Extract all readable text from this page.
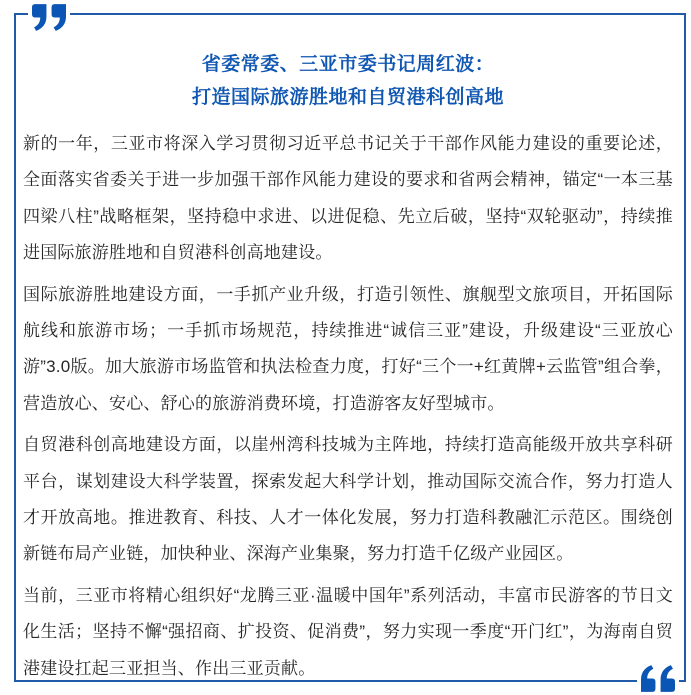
省委常委、三亚市委书记周红波：
打造国际旅游胜地和自贸港科创高地

新的一年，三亚市将深入学习贯彻习近平总书记关于干部作风能力建设的重要论述，全面落实省委关于进一步加强干部作风能力建设的要求和省两会精神，锚定“一本三基四梁八柱”战略框架，坚持稳中求进、以进促稳、先立后破，坚持“双轮驱动”，持续推进国际旅游胜地和自贸港科创高地建设。

国际旅游胜地建设方面，一手抓产业升级，打造引领性、旗舰型文旅项目，开拓国际航线和旅游市场；一手抓市场规范，持续推进“诚信三亚”建设，升级建设“三亚放心游”3.0版。加大旅游市场监管和执法检查力度，打好“三个一+红黄牌+云监管”组合拳，营造放心、安心、舒心的旅游消费环境，打造游客友好型城市。

自贸港科创高地建设方面，以崖州湾科技城为主阵地，持续打造高能级开放共享科研平台，谋划建设大科学装置，探索发起大科学计划，推动国际交流合作，努力打造人才开放高地。推进教育、科技、人才一体化发展，努力打造科教融汇示范区。围绕创新链布局产业链，加快种业、深海产业集聚，努力打造千亿级产业园区。

当前，三亚市将精心组织好“龙腾三亚·温暖中国年”系列活动，丰富市民游客的节日文化生活；坚持不懈“强招商、扩投资、促消费”，努力实现一季度“开门红”，为海南自贸港建设扛起三亚担当、作出三亚贡献。
